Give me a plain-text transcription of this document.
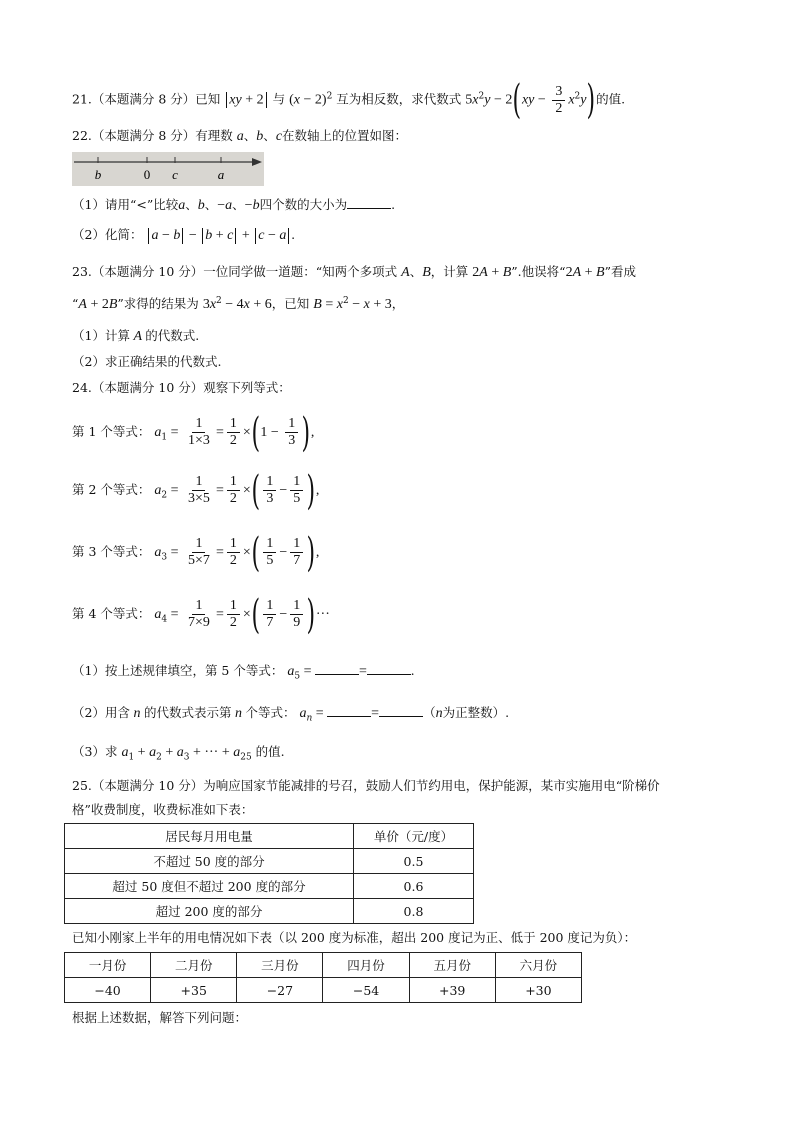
21.（本题满分 8 分）已知 xy + 2 与 $(x - 2)^2$ 互为相反数，求代数式 $5x^2y - 2(xy - \frac{3}{2} x^2y)$的值.
22.（本题满分 8 分）有理数 a、b、c在数轴上的位置如图：
b	0 c	a
（1）请用“<”比较a、b、−a、−b四个数的大小为	.
（2）化简： a − b − b + c + c − a .
23.（本题满分 10 分）一位同学做一道题：“知两个多项式 A、B，计算 2A + B”.他误将“2A + B”看成
“A + 2B”求得的结果为 $3x^2 - 4x + 6$，已知 $B = x^2 - x + 3$，
（1）计算 A 的代数式.
（2）求正确结果的代数式.
24.（本题满分 10 分）观察下列等式：
第 1 个等式： $a_1 = \frac{1}{1\times 3} = \frac{1}{2} \times(1 - \frac{1}{3}$ ),
第 2 个等式： $a_2 = \frac{1}{3\times 5} = \frac{1}{2}$ ×( $\frac{1}{3} - \frac{1}{5}$ ),
第 3 个等式： $a_3 = \frac{1}{5\times 7} = \frac{1}{2}$ ×( $\frac{1}{5} - \frac{1}{7}$ ),
第 4 个等式： $a_4 = \frac{1}{7\times 9} = \frac{1}{2}$ ×( $\frac{1}{7} - \frac{1}{9}$ )···
（1）按上述规律填空，第 5 个等式： $a_5$ =	=	.
（2）用含 n 的代数式表示第 n 个等式： $a_n$ =	=	（n为正整数）.
（3）求 $a_1 + a_2 + a_3$ + ··· + $a_{25}$ 的值.
25.（本题满分 10 分）为响应国家节能减排的号召，鼓励人们节约用电，保护能源，某市实施用电“阶梯价
格”收费制度，收费标准如下表：
居民每月用电量	单价（元/度）
不超过 50 度的部分	0.5
超过 50 度但不超过 200 度的部分	0.6
超过 200 度的部分	0.8
已知小刚家上半年的用电情况如下表（以 200 度为标准，超出 200 度记为正、低于 200 度记为负）：
一月份	二月份	三月份	四月份	五月份	六月份
−40	+35	−27	−54	+39	+30
根据上述数据，解答下列问题：
